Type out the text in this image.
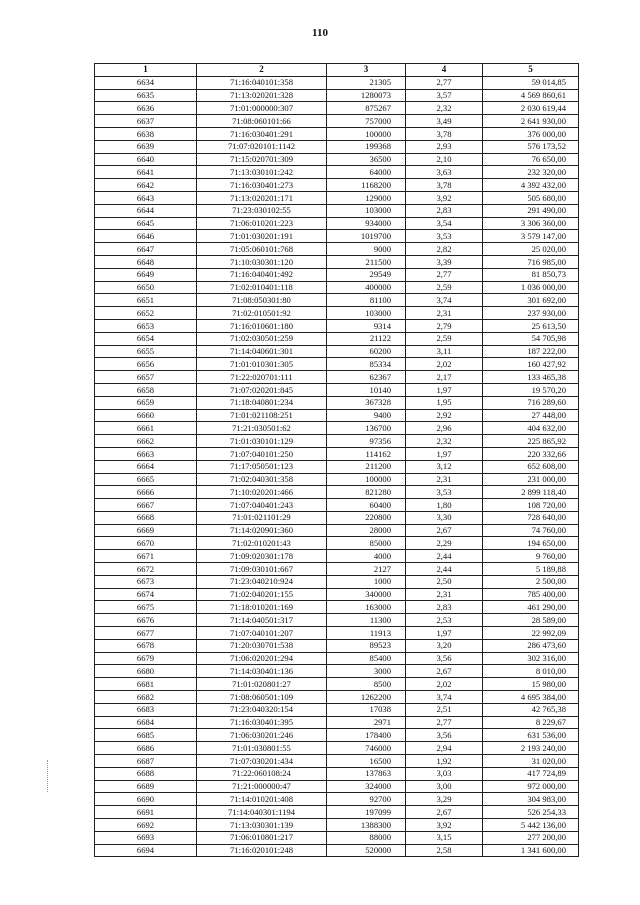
110
1	2	3	4	5
6634	71:16:040101:358	21305	2,77	59 014,85
6635	71:13:020201:328	1280073	3,57	4 569 860,61
6636	71:01:000000:307	875267	2,32	2 030 619,44
6637	71:08:060101:66	757000	3,49	2 641 930,00
6638	71:16:030401:291	100000	3,78	376 000,00
6639	71:07:020101:1142	199368	2,93	576 173,52
6640	71:15:020701:309	36500	2,10	76 650,00
6641	71:13:030101:242	64000	3,63	232 320,00
6642	71:16:030401:273	1168200	3,78	4 392 432,00
6643	71:13:020201:171	129000	3,92	505 680,00
6644	71:23:030102:55	103000	2,83	291 490,00
6645	71:06:010201:223	934000	3,54	3 306 360,00
6646	71:01:030201:191	1019700	3,53	3 579 147,00
6647	71:05:060101:768	9000	2,82	25 020,00
6648	71:10:030301:120	211500	3,39	716 985,00
6649	71:16:040401:492	29549	2,77	81 850,73
6650	71:02:010401:118	400000	2,59	1 036 000,00
6651	71:08:050301:80	81100	3,74	301 692,00
6652	71:02:010501:92	103000	2,31	237 930,00
6653	71:16:010601:180	9314	2,79	25 613,50
6654	71:02:030501:259	21122	2,59	54 705,98
6655	71:14:040601:301	60200	3,11	187 222,00
6656	71:01:010301:305	85334	2,02	160 427,92
6657	71:22:020701:111	62367	2,17	133 465,38
6658	71:07:020201:845	10140	1,97	19 570,20
6659	71:18:040801:234	367328	1,95	716 289,60
6660	71:01:021108:251	9400	2,92	27 448,00
6661	71:21:030501:62	136700	2,96	404 632,00
6662	71:01:030101:129	97356	2,32	225 865,92
6663	71:07:040101:250	114162	1,97	220 332,66
6664	71:17:050501:123	211200	3,12	652 608,00
6665	71:02:040301:358	100000	2,31	231 000,00
6666	71:10:020201:466	821280	3,53	2 899 118,40
6667	71:07:040401:243	60400	1,80	108 720,00
6668	71:01:021101:29	220800	3,30	728 640,00
6669	71:14:020901:360	28000	2,67	74 760,00
6670	71:02:010201:43	85000	2,29	194 650,00
6671	71:09:020301:178	4000	2,44	9 760,00
6672	71:09:030101:667	2127	2,44	5 189,88
6673	71:23:040210:924	1000	2,50	2 500,00
6674	71:02:040201:155	340000	2,31	785 400,00
6675	71:18:010201:169	163000	2,83	461 290,00
6676	71:14:040501:317	11300	2,53	28 589,00
6677	71:07:040101:207	11913	1,97	22 992,09
6678	71:20:030701:538	89523	3,20	286 473,60
6679	71:06:020201:294	85400	3,56	302 316,00
6680	71:14:030401:136	3000	2,67	8 010,00
6681	71:01:020801:27	8500	2,02	15 980,00
6682	71:08:060501:109	1262200	3,74	4 695 384,00
6683	71:23:040320:154	17038	2,51	42 765,38
6684	71:16:030401:395	2971	2,77	8 229,67
6685	71:06:030201:246	178400	3,56	631 536,00
6686	71:01:030801:55	746000	2,94	2 193 240,00
6687	71:07:030201:434	16500	1,92	31 020,00
6688	71:22:060108:24	137863	3,03	417 724,89
6689	71:21:000000:47	324000	3,00	972 000,00
6690	71:14:010201:408	92700	3,29	304 983,00
6691	71:14:040301:1194	197099	2,67	526 254,33
6692	71:13:030301:139	1388300	3,92	5 442 136,00
6693	71:06:010801:217	88000	3,15	277 200,00
6694	71:16:020101:248	520000	2,58	1 341 600,00
